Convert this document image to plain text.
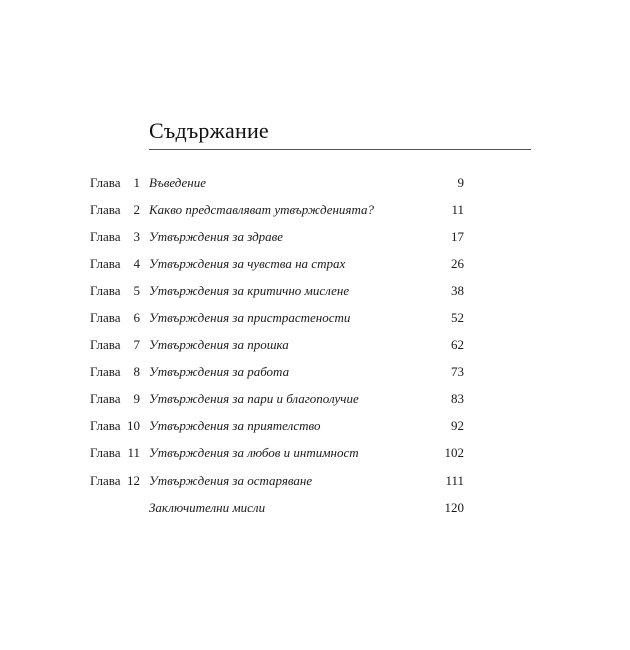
Съдържание
Глава 1 Въведение	9
Глава 2 Какво представляват утвържденията?	11
Глава 3 Утвърждения за здраве	17
Глава 4 Утвърждения за чувства на страх	26
Глава 5 Утвърждения за критично мислене	38
Глава 6 Утвърждения за пристрастености	52
Глава 7 Утвърждения за прошка	62
Глава 8 Утвърждения за работа	73
Глава 9 Утвърждения за пари и благополучие	83
Глава 10 Утвърждения за приятелство	92
Глава 11 Утвърждения за любов и интимност	102
Глава 12 Утвърждения за остаряване	111
Заключителни мисли	120
